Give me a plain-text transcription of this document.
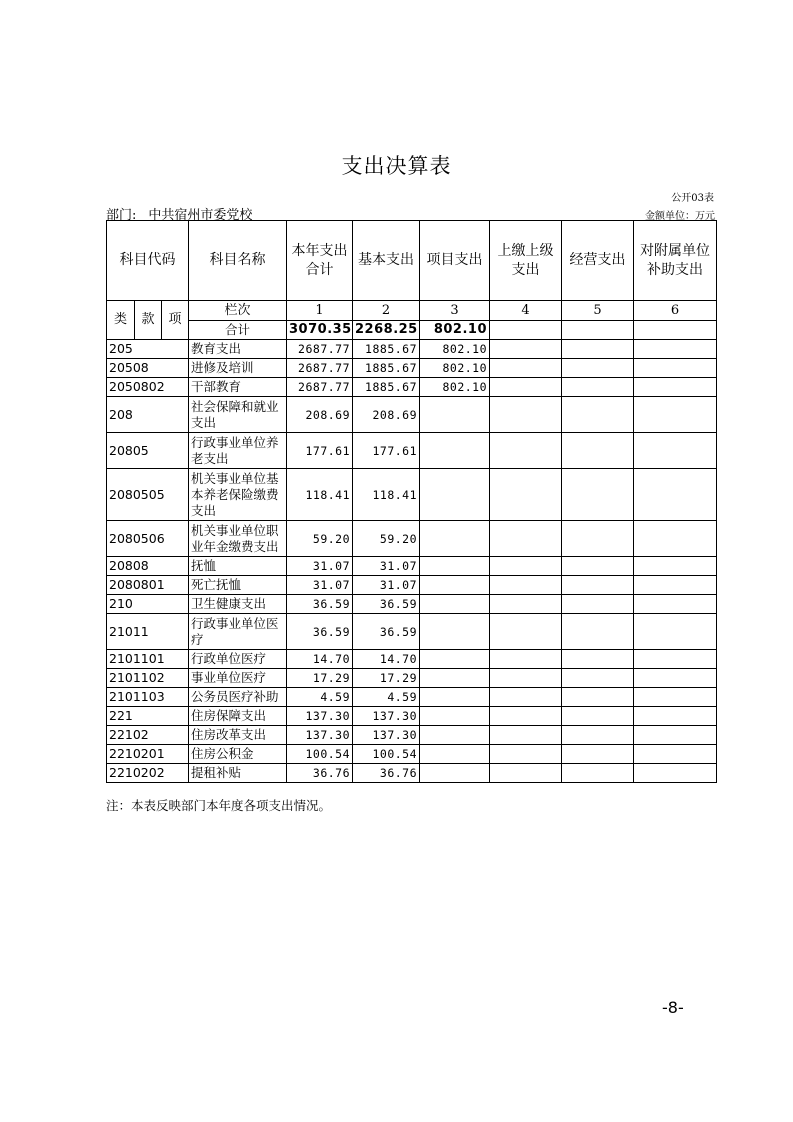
支出决算表
公开03表
部门: 中共宿州市委党校	金额单位：万元
科目代码			科目名称	本年支出合计	基本支出	项目支出	上缴上级支出	经营支出	对附属单位补助支出
类	款	项	栏次	1	2	3	4	5	6
			合计	3070.35	2268.25	802.10			
205			教育支出	2687.77	1885.67	802.10			
20508			进修及培训	2687.77	1885.67	802.10			
2050802			干部教育	2687.77	1885.67	802.10			
208			社会保障和就业支出	208.69	208.69				
20805			行政事业单位养老支出	177.61	177.61				
2080505			机关事业单位基本养老保险缴费支出	118.41	118.41				
2080506			机关事业单位职业年金缴费支出	59.20	59.20				
20808			抚恤	31.07	31.07				
2080801			死亡抚恤	31.07	31.07				
210			卫生健康支出	36.59	36.59				
21011			行政事业单位医疗	36.59	36.59				
2101101			行政单位医疗	14.70	14.70				
2101102			事业单位医疗	17.29	17.29				
2101103			公务员医疗补助	4.59	4.59				
221			住房保障支出	137.30	137.30				
22102			住房改革支出	137.30	137.30				
2210201			住房公积金	100.54	100.54				
2210202			提租补贴	36.76	36.76				
注：本表反映部门本年度各项支出情况。
-8-
